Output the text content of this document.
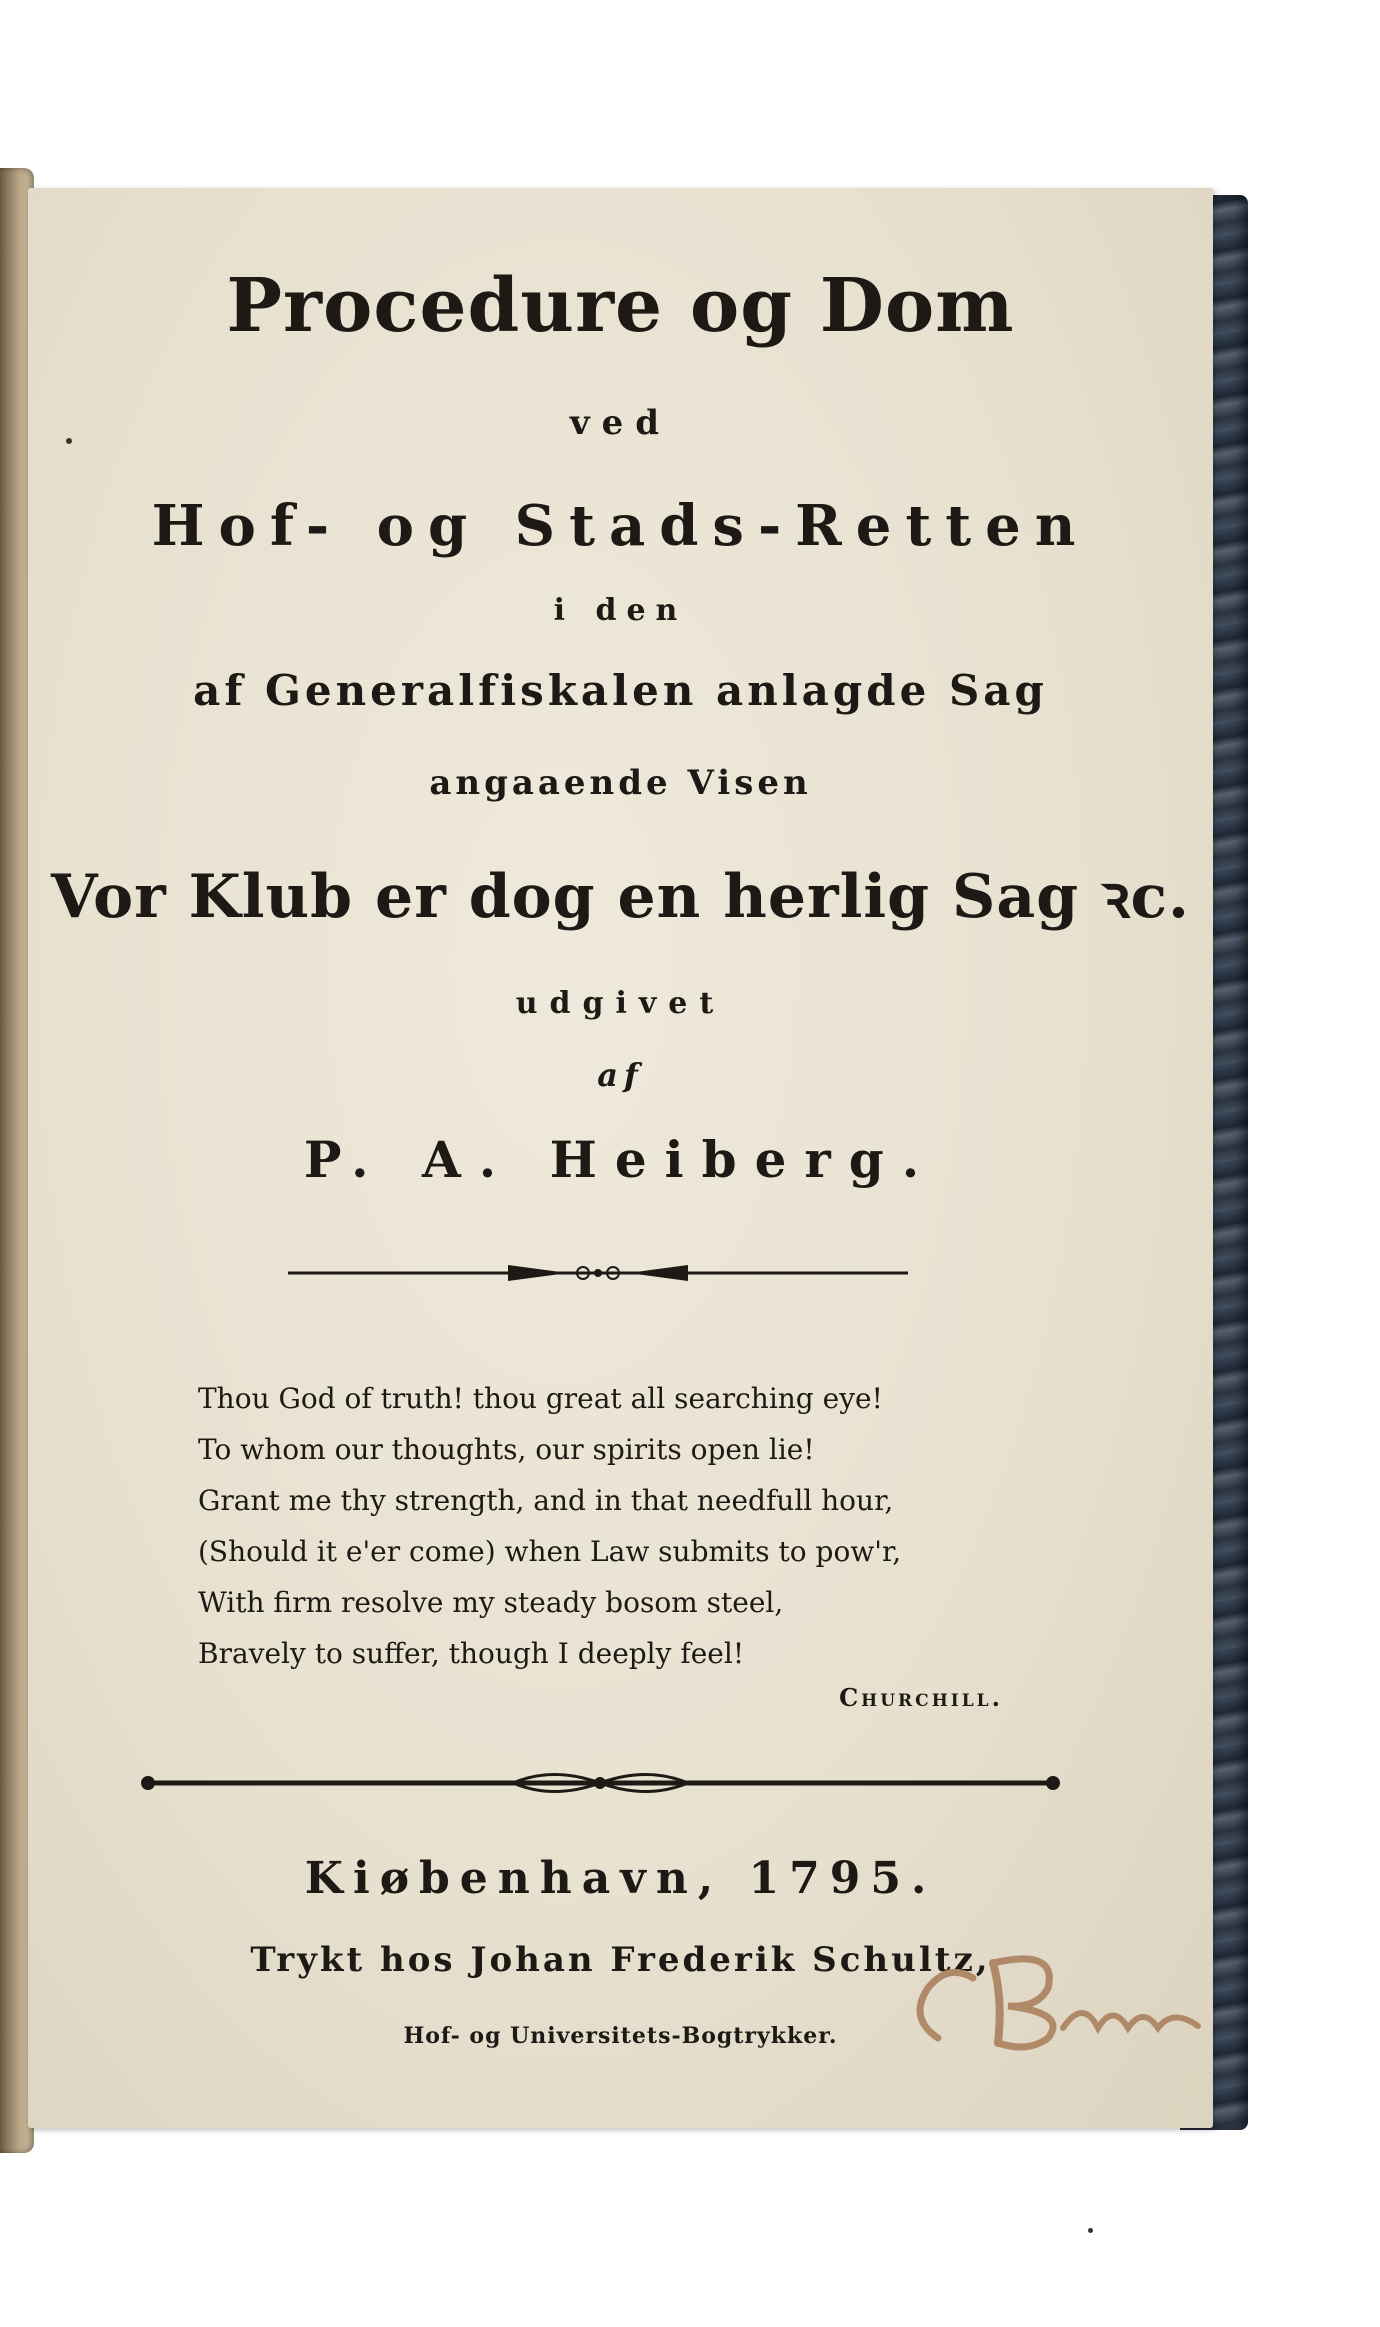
Procedure og Dom
ved
Hof- og Stads-Retten
i den
af Generalfiskalen anlagde Sag
angaaende Visen
Vor Klub er dog en herlig Sag ꝛc.
udgivet
af
P. A. Heiberg.
Thou God of truth! thou great all searching eye!
To whom our thoughts, our spirits open lie!
Grant me thy strength, and in that needfull hour,
(Should it e'er come) when Law submits to pow'r,
With firm resolve my steady bosom steel,
Bravely to suffer, though I deeply feel!
Churchill.
Kiøbenhavn, 1795.
Trykt hos Johan Frederik Schultz,
Hof- og Universitets-Bogtrykker.
